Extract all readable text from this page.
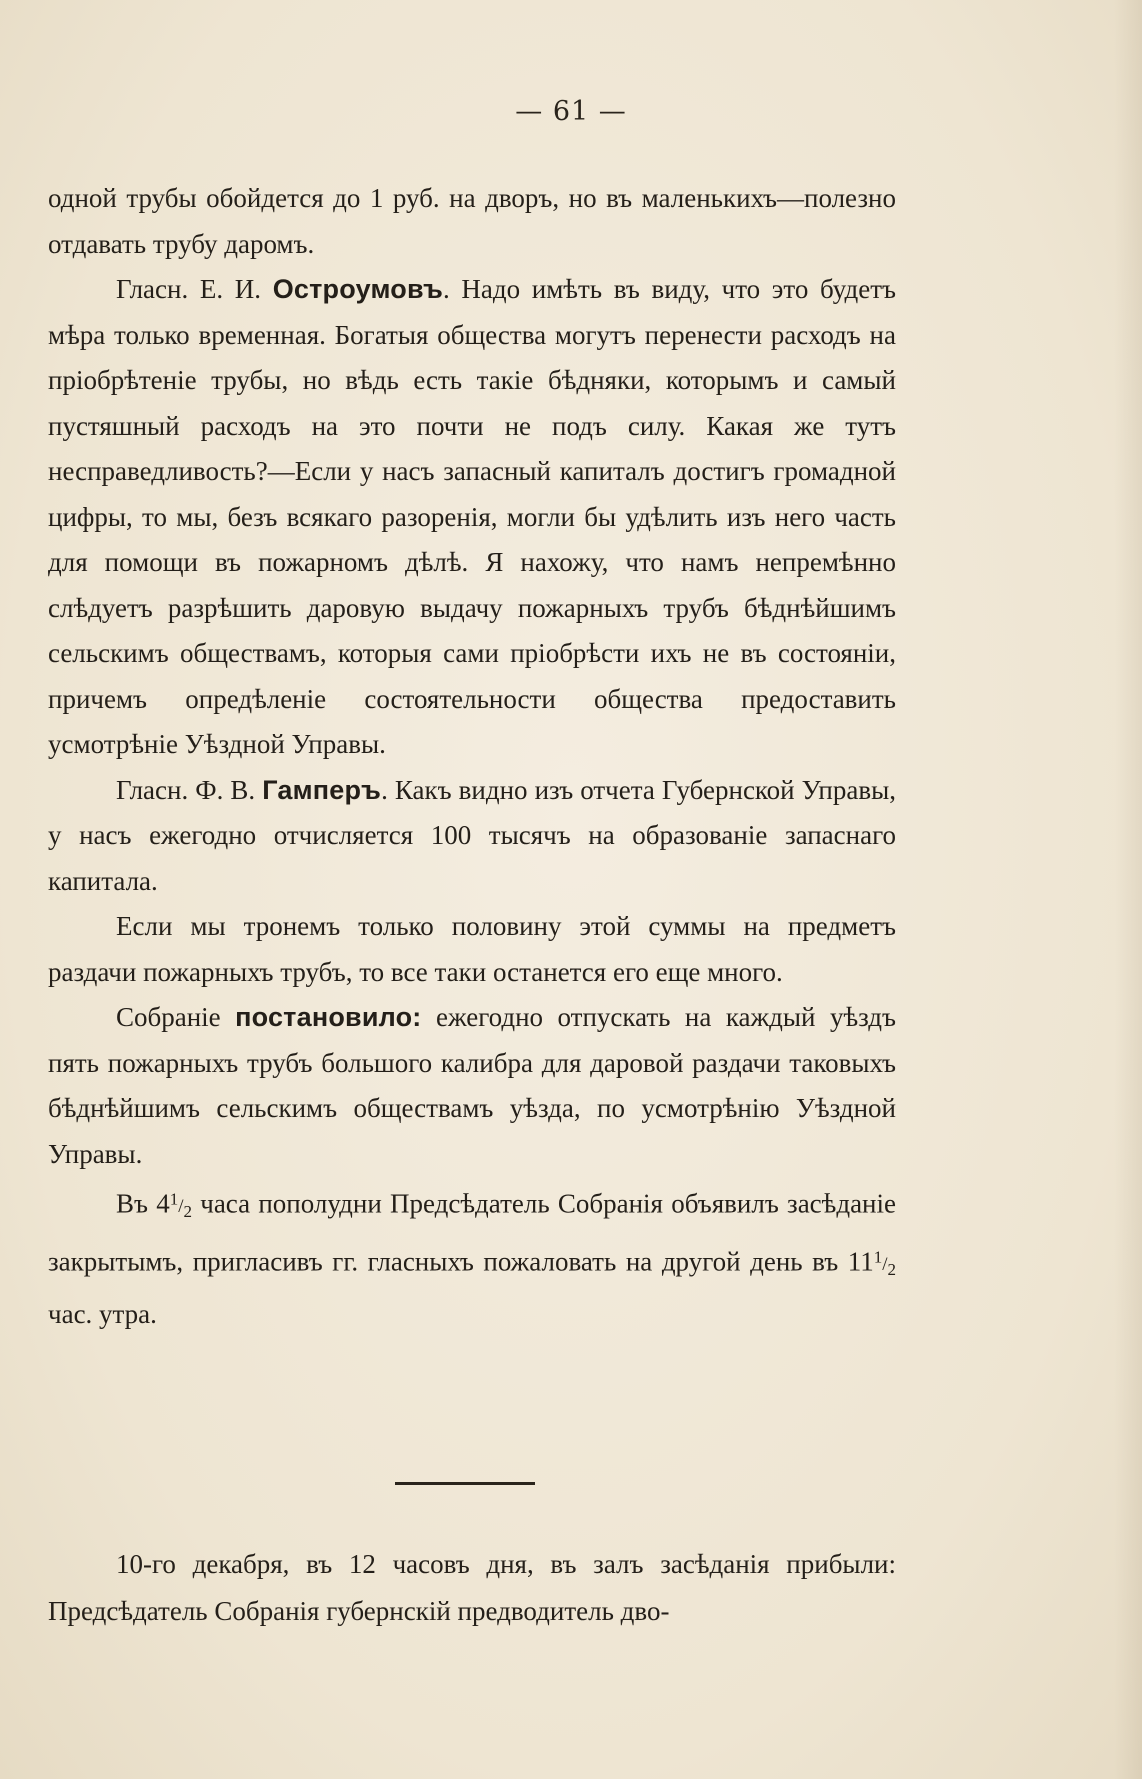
— 61 —

одной трубы обойдется до 1 руб. на дворъ, но въ маленькихъ—полезно отдавать трубу даромъ.

Гласн. Е. И. Остроумовъ. Надо имѣть въ виду, что это будетъ мѣра только временная. Богатыя общества могутъ перенести расходъ на пріобрѣтеніе трубы, но вѣдь есть такіе бѣдняки, которымъ и самый пустяшный расходъ на это почти не подъ силу. Какая же тутъ несправедливость?—Если у насъ запасный капиталъ достигъ громадной цифры, то мы, безъ всякаго разоренія, могли бы удѣлить изъ него часть для помощи въ пожарномъ дѣлѣ. Я нахожу, что намъ непремѣнно слѣдуетъ разрѣшить даровую выдачу пожарныхъ трубъ бѣднѣйшимъ сельскимъ обществамъ, которыя сами пріобрѣсти ихъ не въ состояніи, причемъ опредѣленіе состоятельности общества предоставить усмотрѣніе Уѣздной Управы.

Гласн. Ф. В. Гамперъ. Какъ видно изъ отчета Губернской Управы, у насъ ежегодно отчисляется 100 тысячъ на образованіе запаснаго капитала.

Если мы тронемъ только половину этой суммы на предметъ раздачи пожарныхъ трубъ, то все таки останется его еще много.

Собраніе постановило: ежегодно отпускать на каждый уѣздъ пять пожарныхъ трубъ большого калибра для даровой раздачи таковыхъ бѣднѣйшимъ сельскимъ обществамъ уѣзда, по усмотрѣнію Уѣздной Управы.

Въ $4^1/_2$ часа пополудни Предсѣдатель Собранія объявилъ засѣданіе закрытымъ, пригласивъ гг. гласныхъ пожаловать на другой день въ $11^1/_2$ час. утра.

10-го декабря, въ 12 часовъ дня, въ залъ засѣданія прибыли: Предсѣдатель Собранія губернскій предводитель дво-
